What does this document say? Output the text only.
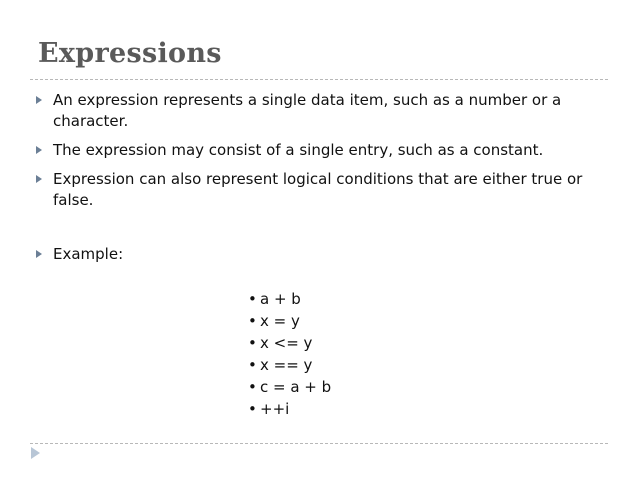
Expressions
An expression represents a single data item, such as a number or a character.
The expression may consist of a single entry, such as a constant.
Expression can also represent logical conditions that are either true or false.
Example:
• a + b
• x = y
• x <= y
• x == y
• c = a + b
• ++i
